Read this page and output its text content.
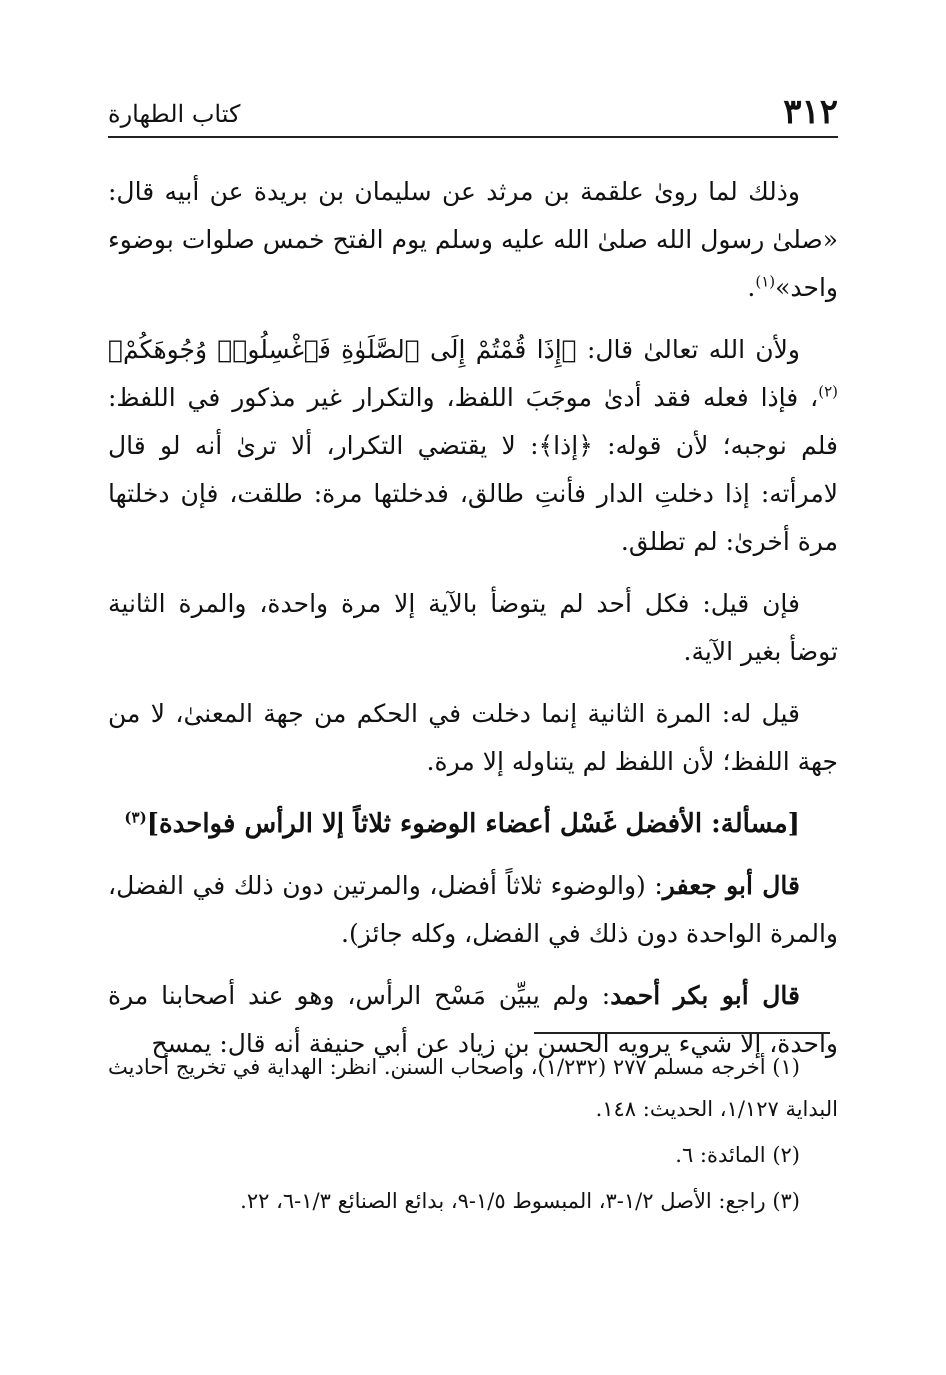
٣١٢
كتاب الطهارة

وذلك لما روىٰ علقمة بن مرثد عن سليمان بن بريدة عن أبيه قال: «صلىٰ رسول الله صلىٰ الله عليه وسلم يوم الفتح خمس صلوات بوضوء واحد»$^{(١)}$.

ولأن الله تعالىٰ قال: ﴿إِذَا قُمْتُمْ إِلَى ٱلصَّلَوٰةِ فَٱغْسِلُوا۟ وُجُوهَكُمْ﴾$^{(٢)}$، فإذا فعله فقد أدىٰ موجَبَ اللفظ، والتكرار غير مذكور في اللفظ: فلم نوجبه؛ لأن قوله: ﴿إذا﴾: لا يقتضي التكرار، ألا ترىٰ أنه لو قال لامرأته: إذا دخلتِ الدار فأنتِ طالق، فدخلتها مرة: طلقت، فإن دخلتها مرة أخرىٰ: لم تطلق.

فإن قيل: فكل أحد لم يتوضأ بالآية إلا مرة واحدة، والمرة الثانية توضأ بغير الآية.

قيل له: المرة الثانية إنما دخلت في الحكم من جهة المعنىٰ، لا من جهة اللفظ؛ لأن اللفظ لم يتناوله إلا مرة.

[مسألة: الأفضل غَسْل أعضاء الوضوء ثلاثاً إلا الرأس فواحدة]$^{(٣)}$

قال أبو جعفر: (والوضوء ثلاثاً أفضل، والمرتين دون ذلك في الفضل، والمرة الواحدة دون ذلك في الفضل، وكله جائز).

قال أبو بكر أحمد: ولم يبيِّن مَسْح الرأس، وهو عند أصحابنا مرة واحدة، إلا شيء يرويه الحسن بن زياد عن أبي حنيفة أنه قال: يمسح

(١) أخرجه مسلم ٢٧٧ (١/٢٣٢)، وأصحاب السنن. انظر: الهداية في تخريج أحاديث البداية ١/١٢٧، الحديث: ١٤٨.

(٢) المائدة: ٦.

(٣) راجع: الأصل ١/٢-٣، المبسوط ١/٥-٩، بدائع الصنائع ١/٣-٦، ٢٢.
